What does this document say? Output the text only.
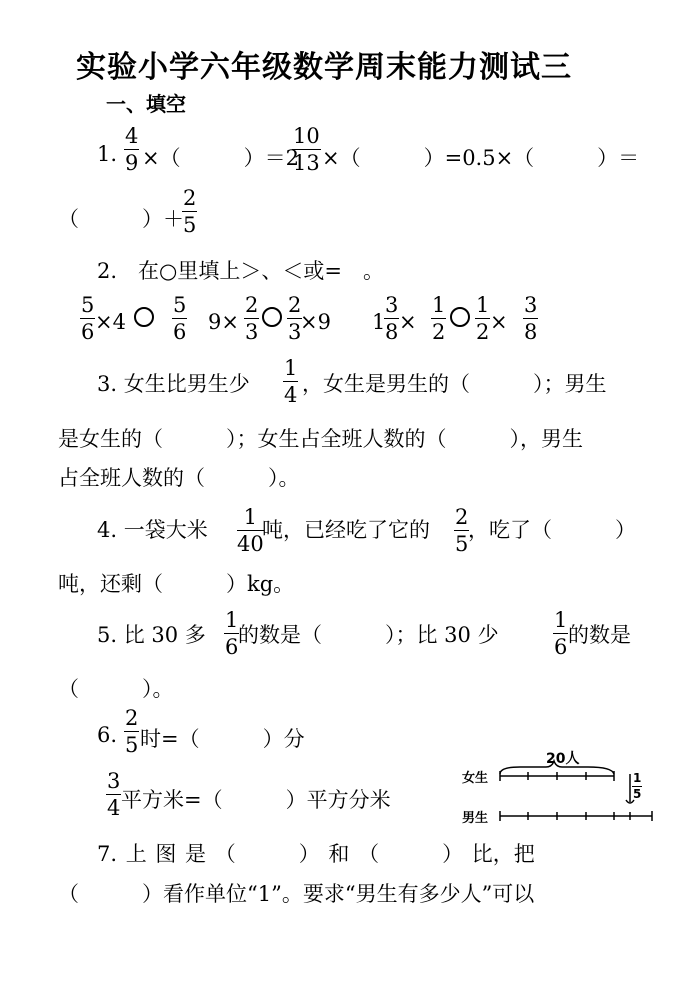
实验小学六年级数学周末能力测试三
一、填空
1.
4
9 ×（　　　）＝2
10
13 ×（　　　）=0.5×（　　　）＝
（　　　）＋
2
5
2.　在○里填上＞、＜或=　。
5
6 ×4
5
6 9×
2
3
2
3
×9 1
3
8 ×
1
2
1
2 ×
3
8
3. 女生比男生少
1
4 ，女生是男生的（　　　）；男生
是女生的（　　　）；女生占全班人数的（　　　），男生
占全班人数的（　　　）。
4. 一袋大米
1
40
吨，已经吃了它的
2
5
，吃了（　　　）
吨，还剩（　　　）kg。
5. 比 30 多
1
6 的数是（　　　）；比 30 少
1
6 的数是
（　　　）。
6.
2
5 时=（　　　）分
3
4 平方米=（　　　）平方分米
女生
男生
20人
1
5
7. 上 图 是 （　　　） 和 （　　　） 比，把
（　　　）看作单位“1”。要求“男生有多少人”可以
